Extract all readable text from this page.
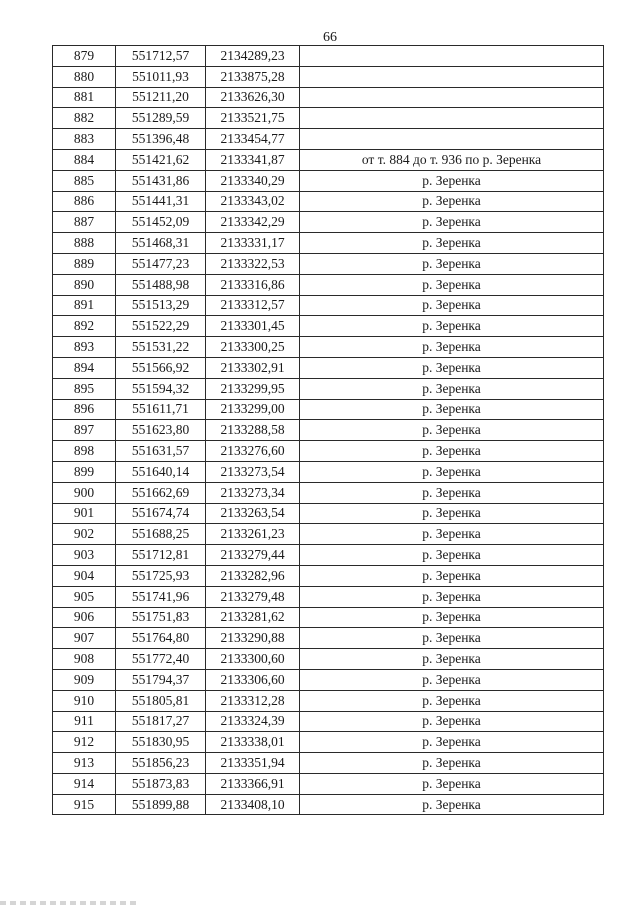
66
879	551712,57	2134289,23	
880	551011,93	2133875,28	
881	551211,20	2133626,30	
882	551289,59	2133521,75	
883	551396,48	2133454,77	
884	551421,62	2133341,87	от т. 884 до т. 936 по р. Зеренка
885	551431,86	2133340,29	р. Зеренка
886	551441,31	2133343,02	р. Зеренка
887	551452,09	2133342,29	р. Зеренка
888	551468,31	2133331,17	р. Зеренка
889	551477,23	2133322,53	р. Зеренка
890	551488,98	2133316,86	р. Зеренка
891	551513,29	2133312,57	р. Зеренка
892	551522,29	2133301,45	р. Зеренка
893	551531,22	2133300,25	р. Зеренка
894	551566,92	2133302,91	р. Зеренка
895	551594,32	2133299,95	р. Зеренка
896	551611,71	2133299,00	р. Зеренка
897	551623,80	2133288,58	р. Зеренка
898	551631,57	2133276,60	р. Зеренка
899	551640,14	2133273,54	р. Зеренка
900	551662,69	2133273,34	р. Зеренка
901	551674,74	2133263,54	р. Зеренка
902	551688,25	2133261,23	р. Зеренка
903	551712,81	2133279,44	р. Зеренка
904	551725,93	2133282,96	р. Зеренка
905	551741,96	2133279,48	р. Зеренка
906	551751,83	2133281,62	р. Зеренка
907	551764,80	2133290,88	р. Зеренка
908	551772,40	2133300,60	р. Зеренка
909	551794,37	2133306,60	р. Зеренка
910	551805,81	2133312,28	р. Зеренка
911	551817,27	2133324,39	р. Зеренка
912	551830,95	2133338,01	р. Зеренка
913	551856,23	2133351,94	р. Зеренка
914	551873,83	2133366,91	р. Зеренка
915	551899,88	2133408,10	р. Зеренка
